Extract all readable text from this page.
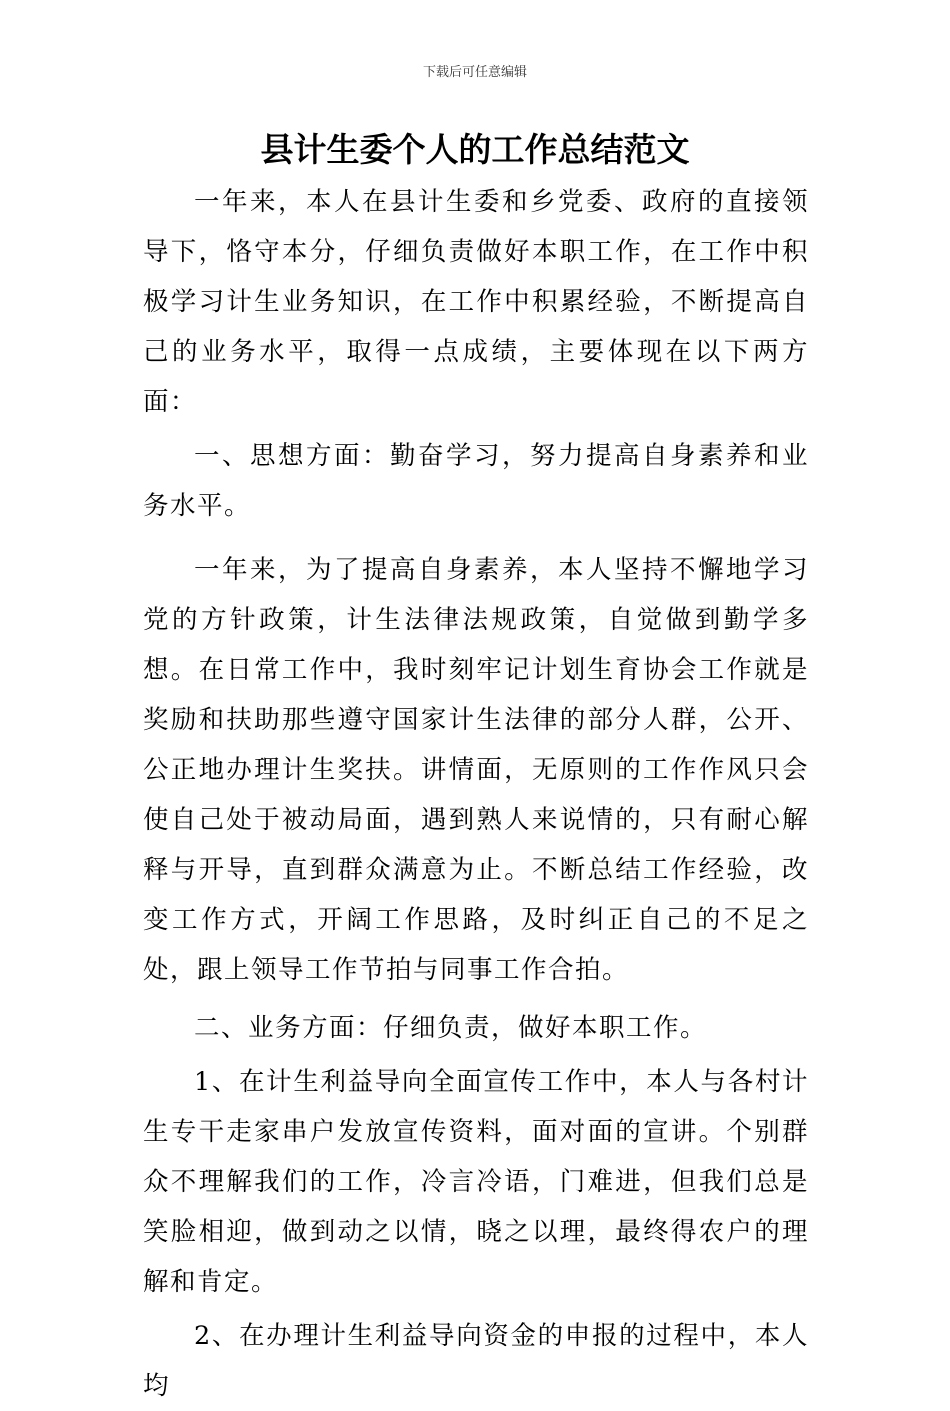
下载后可任意编辑
县计生委个人的工作总结范文

一年来，本人在县计生委和乡党委、政府的直接领导下，恪守本分，仔细负责做好本职工作，在工作中积极学习计生业务知识，在工作中积累经验，不断提高自己的业务水平，取得一点成绩，主要体现在以下两方面：

一、思想方面：勤奋学习，努力提高自身素养和业务水平。

一年来，为了提高自身素养，本人坚持不懈地学习党的方针政策，计生法律法规政策，自觉做到勤学多想。在日常工作中，我时刻牢记计划生育协会工作就是奖励和扶助那些遵守国家计生法律的部分人群，公开、公正地办理计生奖扶。讲情面，无原则的工作作风只会使自己处于被动局面，遇到熟人来说情的，只有耐心解释与开导，直到群众满意为止。不断总结工作经验，改变工作方式，开阔工作思路，及时纠正自己的不足之处，跟上领导工作节拍与同事工作合拍。

二、业务方面：仔细负责，做好本职工作。

1、在计生利益导向全面宣传工作中，本人与各村计生专干走家串户发放宣传资料，面对面的宣讲。个别群众不理解我们的工作，冷言冷语，门难进，但我们总是笑脸相迎，做到动之以情，晓之以理，最终得农户的理解和肯定。

2、在办理计生利益导向资金的申报的过程中，本人均
